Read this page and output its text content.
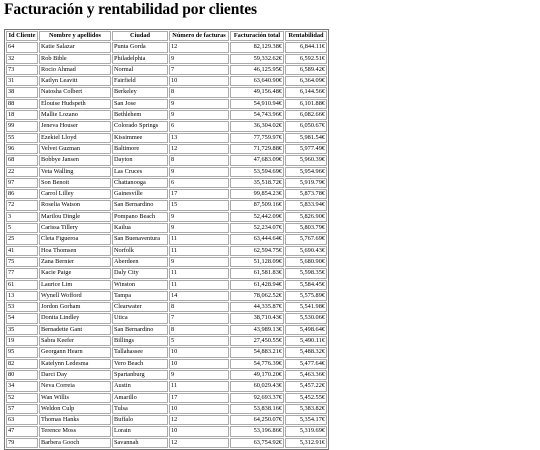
Facturación y rentabilidad por clientes
Id Cliente	Nombre y apellidos	Ciudad	Número de facturas	Facturación total	Rentabilidad
64	Katie Salazar	Punta Gorda	12	82,129.38€	6,844.11€
32	Rob Bible	Philadelphia	9	59,332.62€	6,592.51€
73	Rocio Ahmad	Normal	7	46,125.95€	6,589.42€
31	Katlyn Leavitt	Fairfield	10	63,640.90€	6,364.09€
38	Natosha Colbert	Berkeley	8	49,156.48€	6,144.56€
88	Elouise Hudspeth	San Jose	9	54,910.94€	6,101.88€
18	Mallie Lozano	Bethlehem	9	54,743.96€	6,082.66€
99	Jeneva Houser	Colorado Springs	6	36,304.02€	6,050.67€
55	Ezekiel Lloyd	Kissimmee	13	77,759.97€	5,981.54€
96	Velvet Guzman	Baltimore	12	71,729.88€	5,977.49€
68	Bobbye Jansen	Dayton	8	47,683.09€	5,960.39€
22	Veta Walling	Las Cruces	9	53,594.69€	5,954.96€
97	Son Benoit	Chattanooga	6	35,518.72€	5,919.79€
86	Carrol Lilley	Gainesville	17	99,854.23€	5,873.78€
72	Roselia Watson	San Bernardino	15	87,509.16€	5,833.94€
3	Marilou Dingle	Pompano Beach	9	52,442.09€	5,826.90€
5	Carissa Tillery	Kailua	9	52,234.07€	5,803.79€
25	Cleta Figueroa	San Buenaventura	11	63,444.64€	5,767.69€
41	Hoa Thomsen	Norfolk	11	62,594.75€	5,690.43€
75	Zana Bernier	Aberdeen	9	51,128.09€	5,680.90€
77	Kacie Paige	Daly City	11	61,581.83€	5,598.35€
61	Laurice Lim	Winston	11	61,428.94€	5,584.45€
13	Wynell Wofford	Tampa	14	78,062.52€	5,575.89€
53	Jordon Gorham	Clearwater	8	44,335.87€	5,541.98€
54	Donita Lindley	Utica	7	38,710.43€	5,530.06€
35	Bernadette Gant	San Bernardino	8	43,989.13€	5,498.64€
19	Sabra Keefer	Billings	5	27,450.55€	5,490.11€
95	Georgann Hearn	Tallahassee	10	54,883.21€	5,488.32€
82	Katelynn Ledesma	Vero Beach	10	54,776.39€	5,477.64€
80	Darci Day	Spartanburg	9	49,170.20€	5,463.36€
34	Neva Correia	Austin	11	60,029.43€	5,457.22€
52	Wan Willis	Amarillo	17	92,693.37€	5,452.55€
57	Weldon Culp	Tulsa	10	53,838.16€	5,383.82€
63	Thomas Hanks	Buffalo	12	64,250.07€	5,354.17€
47	Terence Moss	Lorain	10	53,196.86€	5,319.69€
79	Barbera Gooch	Savannah	12	63,754.92€	5,312.91€
